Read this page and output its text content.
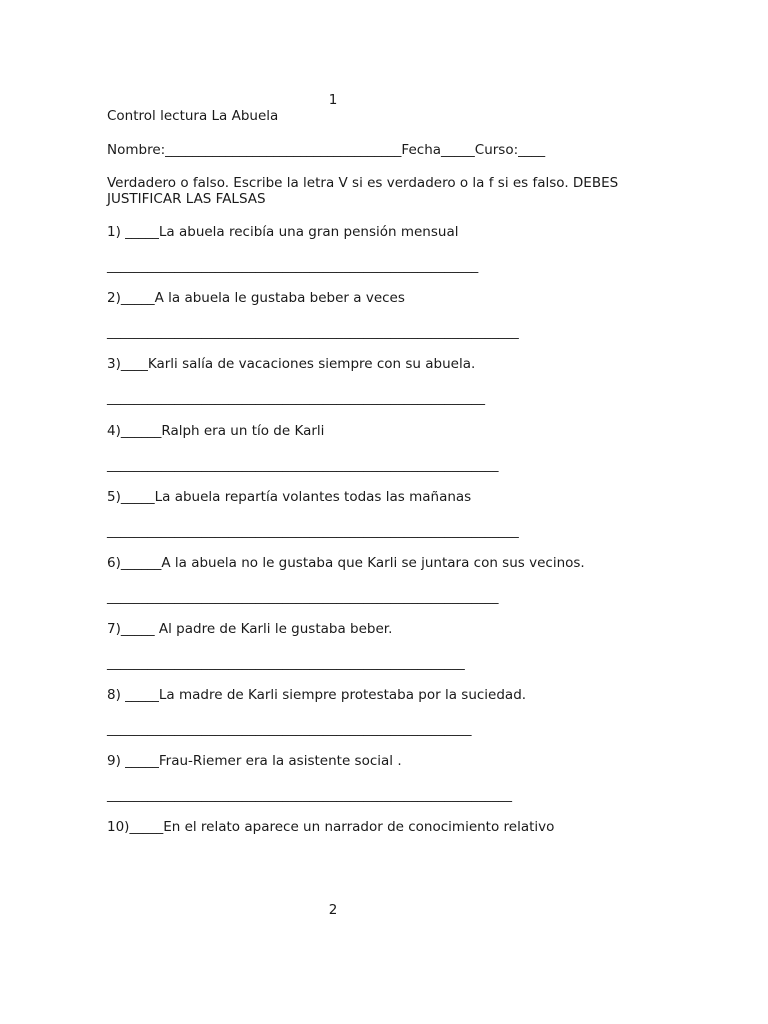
1
Control lectura La Abuela
Nombre:___________________________________Fecha_____Curso:____
Verdadero o falso. Escribe la letra V si es verdadero o la f si es falso. DEBES
JUSTIFICAR LAS FALSAS
1) _____La abuela recibía una gran pensión mensual
_______________________________________________________
2)_____A la abuela le gustaba beber a veces
_____________________________________________________________
3)____Karli salía de vacaciones siempre con su abuela.
________________________________________________________
4)______Ralph era un tío de Karli
__________________________________________________________
5)_____La abuela repartía volantes todas las mañanas
_____________________________________________________________
6)______A la abuela no le gustaba que Karli se juntara con sus vecinos.
__________________________________________________________
7)_____ Al padre de Karli le gustaba beber.
_____________________________________________________
8) _____La madre de Karli siempre protestaba por la suciedad.
______________________________________________________
9) _____Frau-Riemer era la asistente social .
____________________________________________________________
10)_____En el relato aparece un narrador de conocimiento relativo
2
